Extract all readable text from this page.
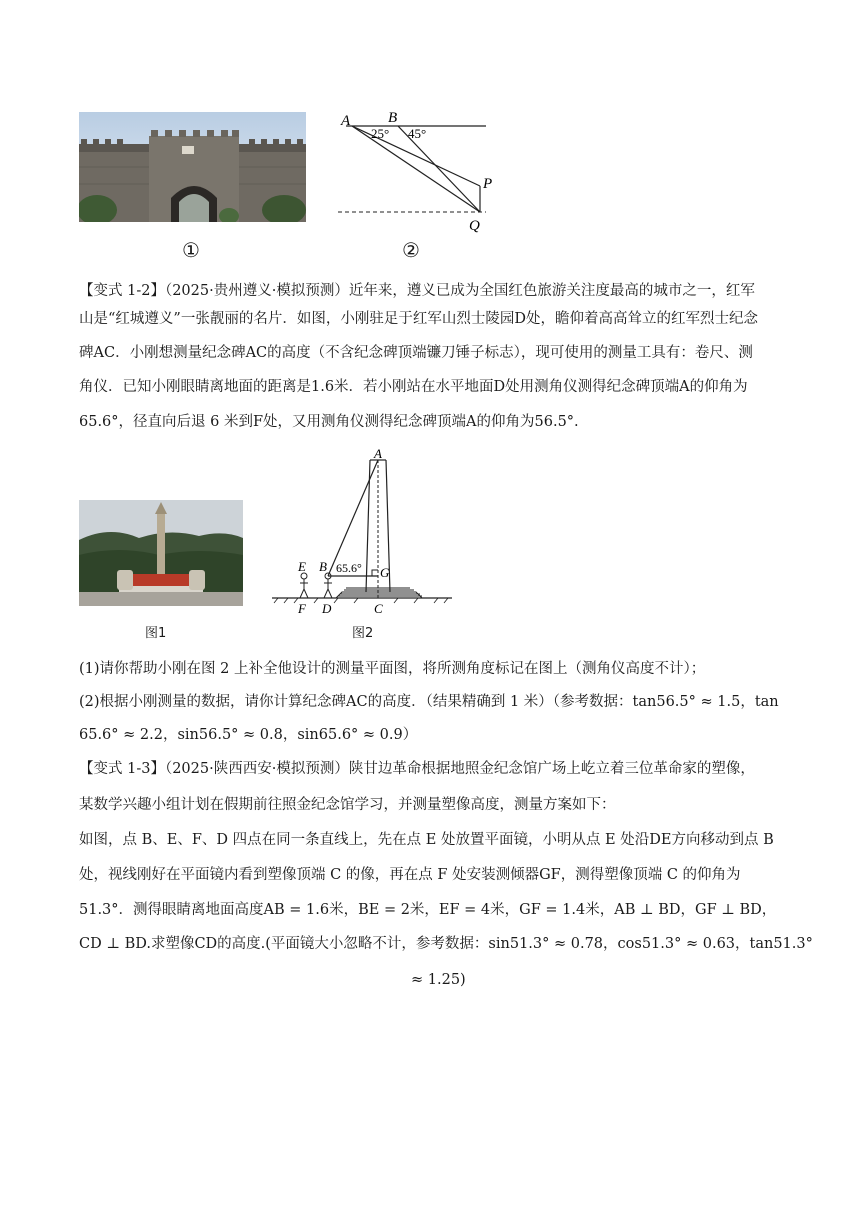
①
A	B
25° 45°
P
Q
②
【变式 1-2】（2025·贵州遵义·模拟预测）近年来，遵义已成为全国红色旅游关注度最高的城市之一，红军
山是“红城遵义”一张靓丽的名片．如图，小刚驻足于红军山烈士陵园D处，瞻仰着高高耸立的红军烈士纪念
碑AC．小刚想测量纪念碑AC的高度（不含纪念碑顶端镰刀锤子标志），现可使用的测量工具有：卷尺、测
角仪．已知小刚眼睛离地面的距离是1.6米．若小刚站在水平地面D处用测角仪测得纪念碑顶端A的仰角为
65.6°，径直向后退 6 米到F处，又用测角仪测得纪念碑顶端A的仰角为56.5°.
图1
A
E B 65.6° G
F D	C
图2
(1)请你帮助小刚在图 2 上补全他设计的测量平面图，将所测角度标记在图上（测角仪高度不计）；
(2)根据小刚测量的数据，请你计算纪念碑AC的高度．（结果精确到 1 米）（参考数据：tan56.5° ≈ 1.5，tan
65.6° ≈ 2.2，sin56.5° ≈ 0.8，sin65.6° ≈ 0.9）
【变式 1-3】（2025·陕西西安·模拟预测）陕甘边革命根据地照金纪念馆广场上屹立着三位革命家的塑像，
某数学兴趣小组计划在假期前往照金纪念馆学习，并测量塑像高度，测量方案如下：
如图，点 B、E、F、D 四点在同一条直线上，先在点 E 处放置平面镜，小明从点 E 处沿DE方向移动到点 B
处，视线刚好在平面镜内看到塑像顶端 C 的像，再在点 F 处安装测倾器GF，测得塑像顶端 C 的仰角为
51.3°．测得眼睛离地面高度AB = 1.6米，BE = 2米，EF = 4米，GF = 1.4米，AB ⊥ BD，GF ⊥ BD，
CD ⊥ BD.求塑像CD的高度.(平面镜大小忽略不计，参考数据：sin51.3° ≈ 0.78，cos51.3° ≈ 0.63，tan51.3°
≈ 1.25)
